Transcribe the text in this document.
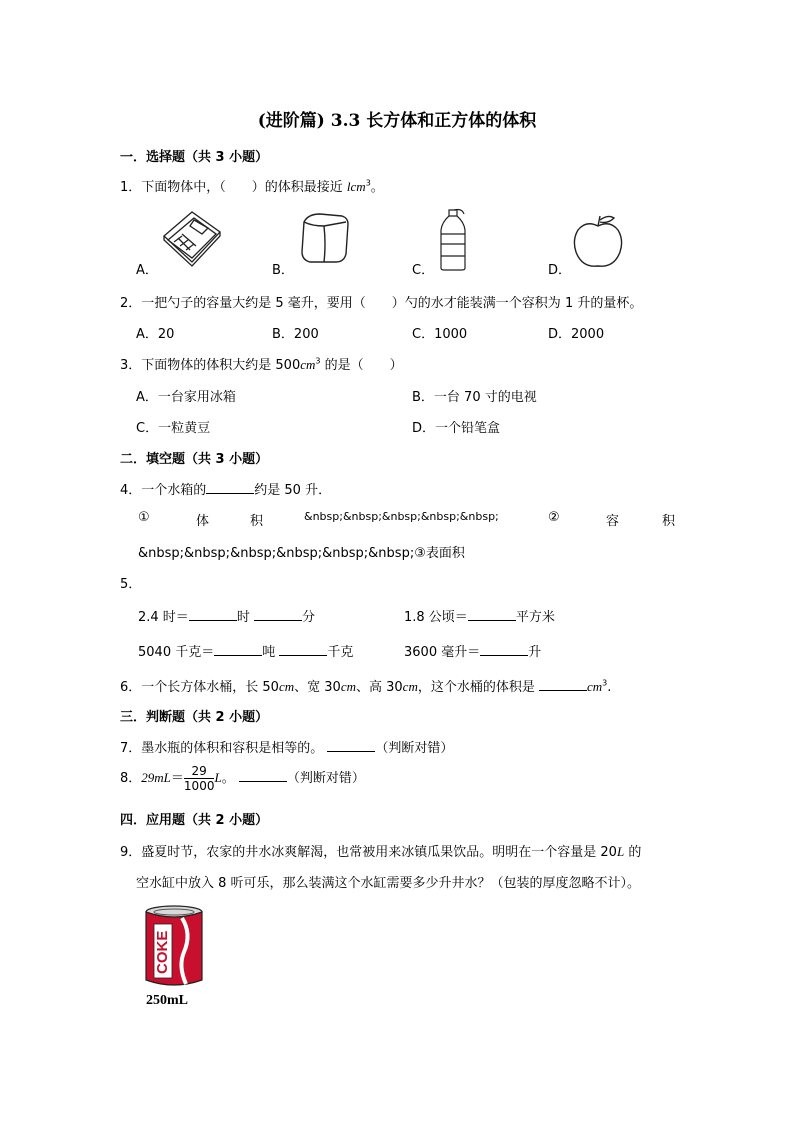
(进阶篇) 3.3 长方体和正方体的体积
一．选择题（共 3 小题）
1．下面物体中，（　　）的体积最接近 lcm$^3$。
A．	B．	C．	D．
2．一把勺子的容量大约是 5 毫升，要用（　　）勺的水才能装满一个容积为 1 升的量杯。
A．20	B．200	C．1000	D．2000
3．下面物体的体积大约是 $500cm^3$ 的是（　　）
A．一台家用冰箱	B．一台 70 寸的电视
C．一粒黄豆	D．一个铅笔盒
二．填空题（共 3 小题）
4．一个水箱的	约是 50 升．
①	体	积	&nbsp;&nbsp;&nbsp;&nbsp;&nbsp;	②	容	积
&nbsp;&nbsp;&nbsp;&nbsp;&nbsp;&nbsp;③表面积
5．
2.4 时＝	时	分	1.8 公顷＝	平方米
5040 千克＝	吨	千克	3600 毫升＝	升
6．一个长方体水桶，长 50cm、宽 30cm、高 30cm，这个水桶的体积是	$cm^3$.
三．判断题（共 2 小题）
7．墨水瓶的体积和容积是相等的。	（判断对错）
8．$29mL= \frac{29}{1000}$ L。	（判断对错）
四．应用题（共 2 小题）
9．盛夏时节，农家的井水冰爽解渴，也常被用来冰镇瓜果饮品。明明在一个容量是 20L 的
空水缸中放入 8 听可乐，那么装满这个水缸需要多少升井水？（包装的厚度忽略不计）。
COKE
250mL
